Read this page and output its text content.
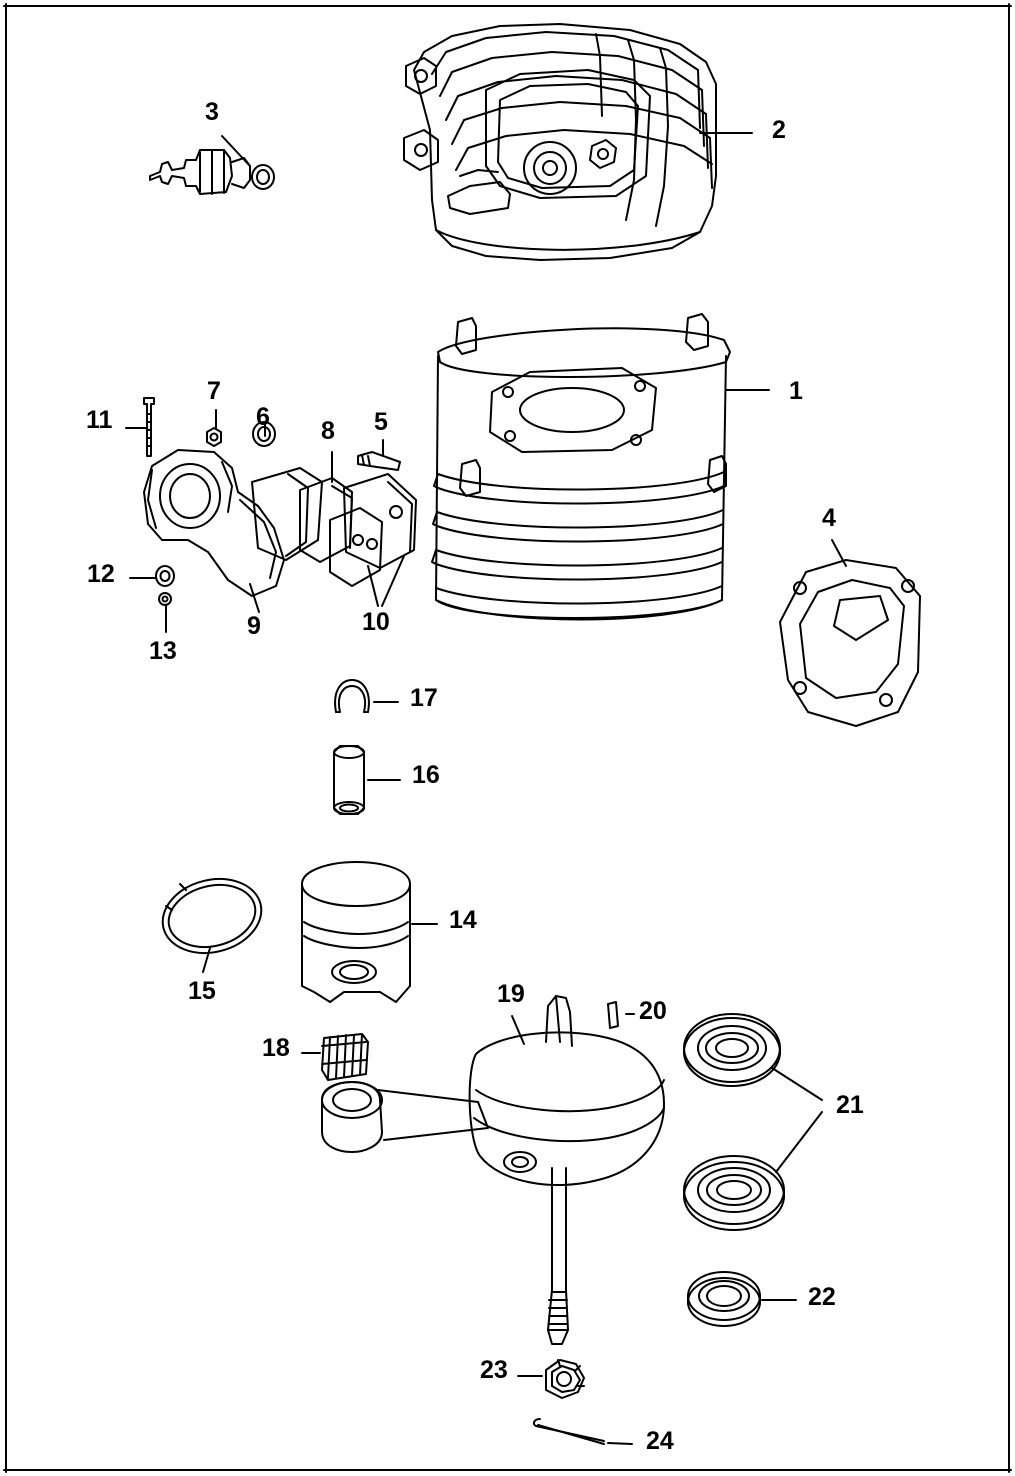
1
2
3
4
5
6
7
8
9	10
11
12
13
14
15
16
17
18
19
20
21
22
23
24
